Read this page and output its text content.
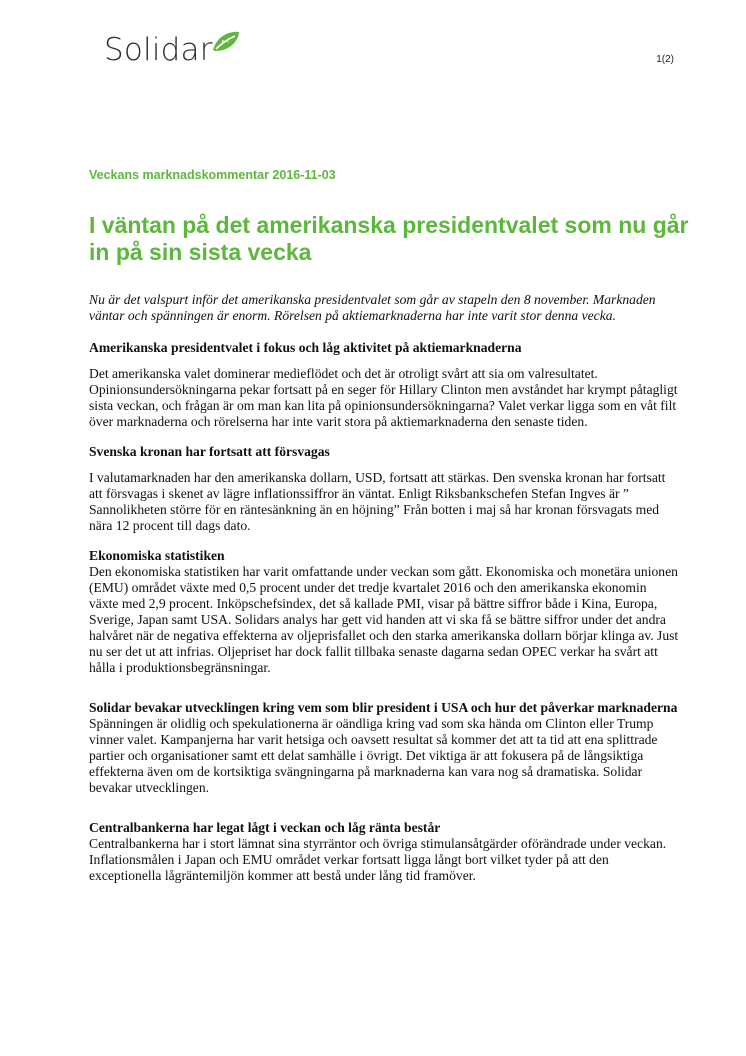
Solidar	1(2)
Veckans marknadskommentar 2016-11-03
I väntan på det amerikanska presidentvalet som nu går in på sin sista vecka

Nu är det valspurt inför det amerikanska presidentvalet som går av stapeln den 8 november. Marknaden väntar och spänningen är enorm. Rörelsen på aktiemarknaderna har inte varit stor denna vecka.

Amerikanska presidentvalet i fokus och låg aktivitet på aktiemarknaderna

Det amerikanska valet dominerar medieflödet och det är otroligt svårt att sia om valresultatet. Opinionsundersökningarna pekar fortsatt på en seger för Hillary Clinton men avståndet har krympt påtagligt sista veckan, och frågan är om man kan lita på opinionsundersökningarna? Valet verkar ligga som en våt filt över marknaderna och rörelserna har inte varit stora på aktiemarknaderna den senaste tiden.

Svenska kronan har fortsatt att försvagas

I valutamarknaden har den amerikanska dollarn, USD, fortsatt att stärkas. Den svenska kronan har fortsatt att försvagas i skenet av lägre inflationssiffror än väntat. Enligt Riksbankschefen Stefan Ingves är ” Sannolikheten större för en räntesänkning än en höjning” Från botten i maj så har kronan försvagats med nära 12 procent till dags dato.

Ekonomiska statistiken

Den ekonomiska statistiken har varit omfattande under veckan som gått. Ekonomiska och monetära unionen (EMU) området växte med 0,5 procent under det tredje kvartalet 2016 och den amerikanska ekonomin växte med 2,9 procent. Inköpschefsindex, det så kallade PMI, visar på bättre siffror både i Kina, Europa, Sverige, Japan samt USA. Solidars analys har gett vid handen att vi ska få se bättre siffror under det andra halvåret när de negativa effekterna av oljeprisfallet och den starka amerikanska dollarn börjar klinga av. Just nu ser det ut att infrias. Oljepriset har dock fallit tillbaka senaste dagarna sedan OPEC verkar ha svårt att hålla i produktionsbegränsningar.

Solidar bevakar utvecklingen kring vem som blir president i USA och hur det påverkar marknaderna

Spänningen är olidlig och spekulationerna är oändliga kring vad som ska hända om Clinton eller Trump vinner valet. Kampanjerna har varit hetsiga och oavsett resultat så kommer det att ta tid att ena splittrade partier och organisationer samt ett delat samhälle i övrigt. Det viktiga är att fokusera på de långsiktiga effekterna även om de kortsiktiga svängningarna på marknaderna kan vara nog så dramatiska. Solidar bevakar utvecklingen.

Centralbankerna har legat lågt i veckan och låg ränta består

Centralbankerna har i stort lämnat sina styrräntor och övriga stimulansåtgärder oförändrade under veckan. Inflationsmålen i Japan och EMU området verkar fortsatt ligga långt bort vilket tyder på att den exceptionella lågräntemiljön kommer att bestå under lång tid framöver.
